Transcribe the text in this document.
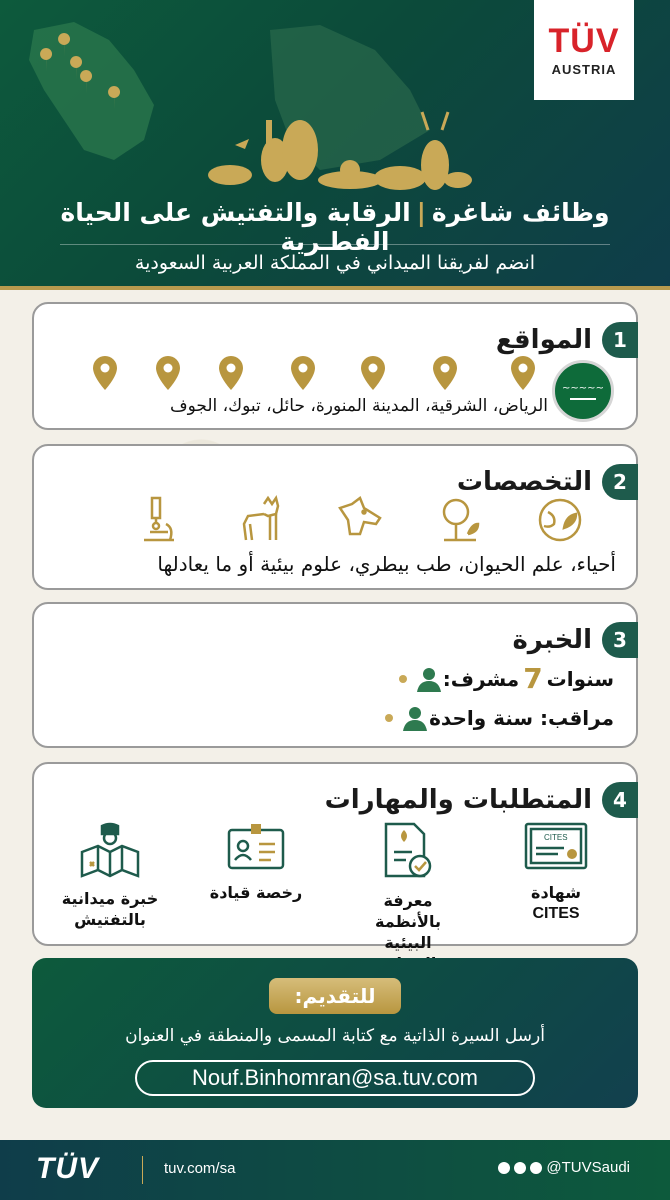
TÜV
AUSTRIA
وظائف شاغرة|الرقابة والتفتيش على الحياة الفطـرية
انضم لفريقنا الميداني في المملكة العربية السعودية
1
المواقع
~~~~~
الرياض، الشرقية، المدينة المنورة، حائل، تبوك، الجوف
2
التخصصات
أحياء، علم الحيوان، طب بيطري، علوم بيئية أو ما يعادلها
3
الخبرة
مشرف: 7 سنوات
مراقب: سنة واحدة
4
المتطلبات والمهارات
CITES
شهادة
CITES
معرفة بالأنظمة
البيئية
رخصة قيادة
خبرة ميدانية
بالتفتيش
للتقديم:
أرسل السيرة الذاتية مع كتابة المسمى والمنطقة في العنوان
Nouf.Binhomran@sa.tuv.com
TÜV	tuv.com/sa	@TUVSaudi
